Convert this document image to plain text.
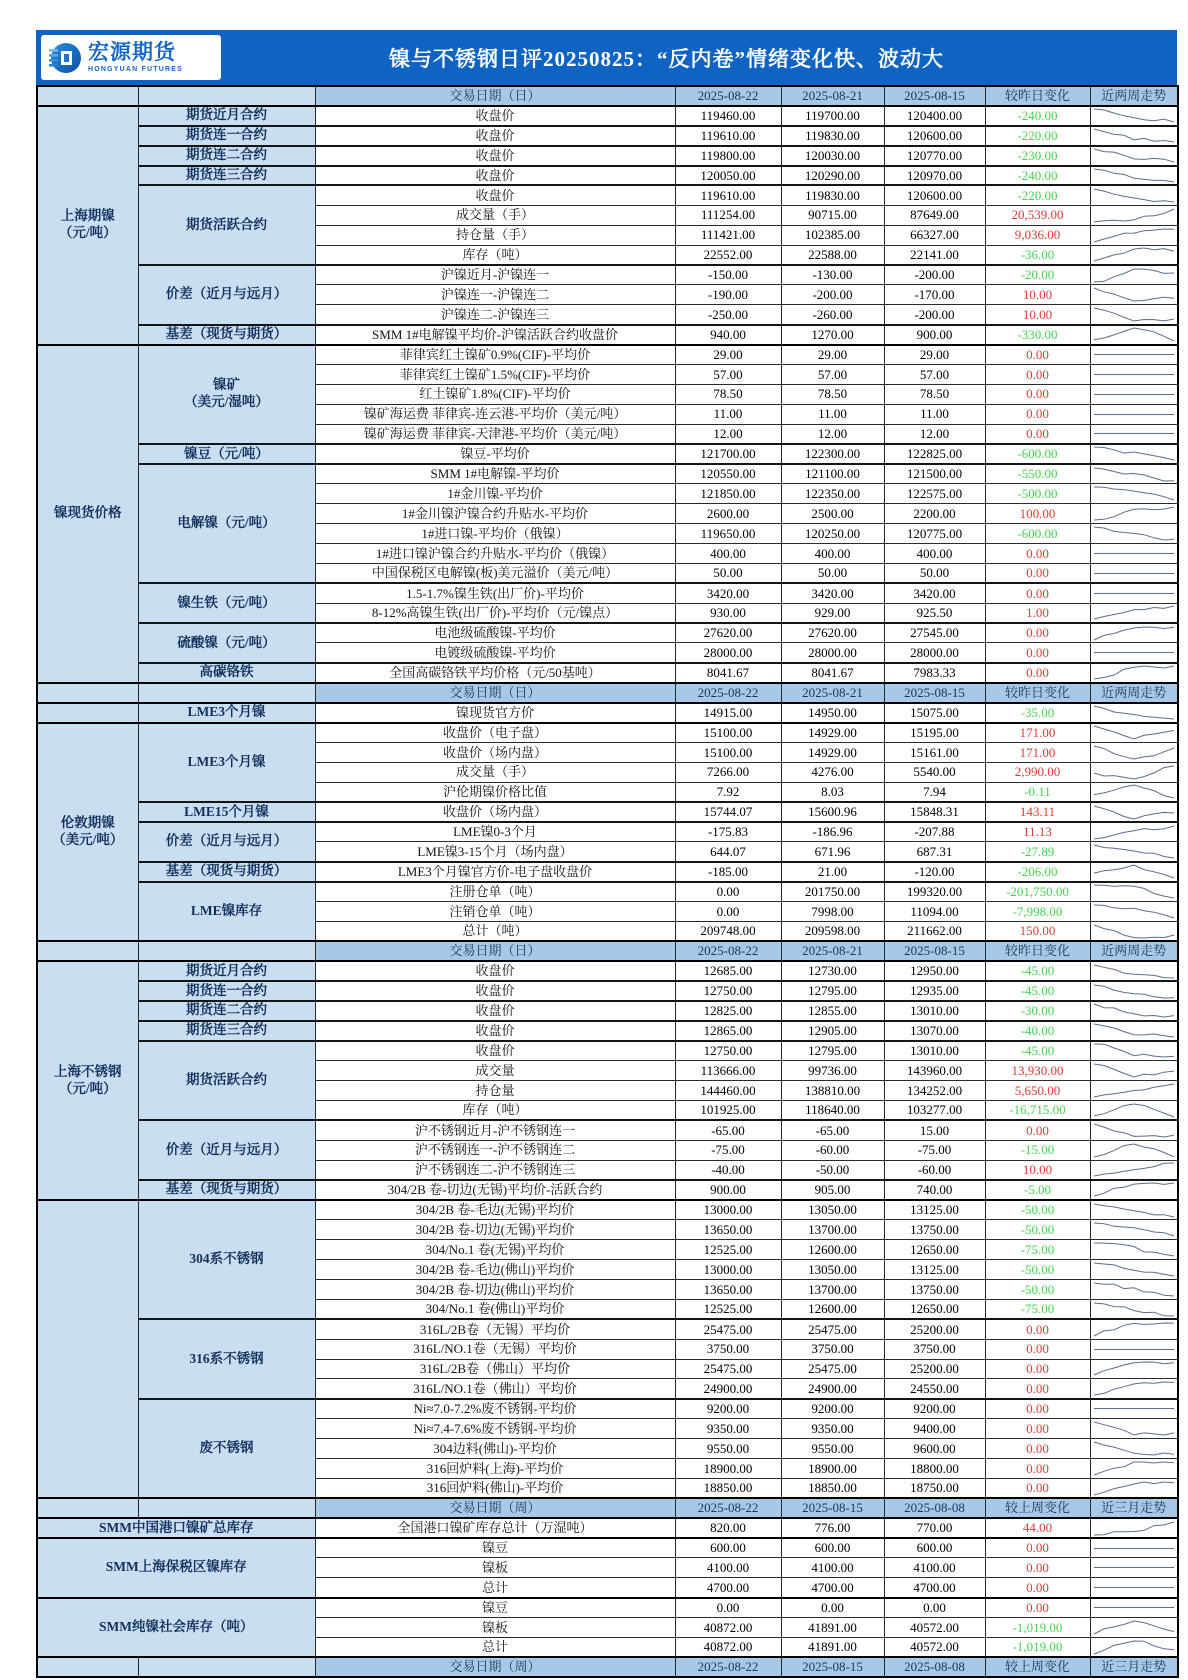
宏源期货
HONGYUAN FUTURES	镍与不锈钢日评20250825：“反内卷”情绪变化快、波动大
		交易日期（日）	2025-08-22	2025-08-21	2025-08-15	较昨日变化	近两周走势
上海期镍
（元/吨）	期货近月合约	收盘价	119460.00	119700.00	120400.00	-240.00	

	期货连一合约	收盘价	119610.00	119830.00	120600.00	-220.00	

	期货连二合约	收盘价	119800.00	120030.00	120770.00	-230.00	

	期货连三合约	收盘价	120050.00	120290.00	120970.00	-240.00	

	期货活跃合约	收盘价	119610.00	119830.00	120600.00	-220.00	

		成交量（手）	111254.00	90715.00	87649.00	20,539.00	

		持仓量（手）	111421.00	102385.00	66327.00	9,036.00	

		库存（吨）	22552.00	22588.00	22141.00	-36.00	

	价差（近月与远月）	沪镍近月-沪镍连一	-150.00	-130.00	-200.00	-20.00	

		沪镍连一-沪镍连二	-190.00	-200.00	-170.00	10.00	

		沪镍连二-沪镍连三	-250.00	-260.00	-200.00	10.00	

	基差（现货与期货）	SMM 1#电解镍平均价-沪镍活跃合约收盘价	940.00	1270.00	900.00	-330.00	

镍现货价格	镍矿
（美元/湿吨）	菲律宾红土镍矿0.9%(CIF)-平均价	29.00	29.00	29.00	0.00	

		菲律宾红土镍矿1.5%(CIF)-平均价	57.00	57.00	57.00	0.00	

		红土镍矿1.8%(CIF)-平均价	78.50	78.50	78.50	0.00	

		镍矿海运费 菲律宾-连云港-平均价（美元/吨）	11.00	11.00	11.00	0.00	

		镍矿海运费 菲律宾-天津港-平均价（美元/吨）	12.00	12.00	12.00	0.00	

	镍豆（元/吨）	镍豆-平均价	121700.00	122300.00	122825.00	-600.00	

	电解镍（元/吨）	SMM 1#电解镍-平均价	120550.00	121100.00	121500.00	-550.00	

		1#金川镍-平均价	121850.00	122350.00	122575.00	-500.00	

		1#金川镍沪镍合约升贴水-平均价	2600.00	2500.00	2200.00	100.00	

		1#进口镍-平均价（俄镍）	119650.00	120250.00	120775.00	-600.00	

		1#进口镍沪镍合约升贴水-平均价（俄镍）	400.00	400.00	400.00	0.00	

		中国保税区电解镍(板)美元溢价（美元/吨）	50.00	50.00	50.00	0.00	

	镍生铁（元/吨）	1.5-1.7%镍生铁(出厂价)-平均价	3420.00	3420.00	3420.00	0.00	

		8-12%高镍生铁(出厂价)-平均价（元/镍点）	930.00	929.00	925.50	1.00	

	硫酸镍（元/吨）	电池级硫酸镍-平均价	27620.00	27620.00	27545.00	0.00	

		电镀级硫酸镍-平均价	28000.00	28000.00	28000.00	0.00	

	高碳铬铁	全国高碳铬铁平均价格（元/50基吨）	8041.67	8041.67	7983.33	0.00	

		交易日期（日）	2025-08-22	2025-08-21	2025-08-15	较昨日变化	近两周走势
	LME3个月镍	镍现货官方价	14915.00	14950.00	15075.00	-35.00	

伦敦期镍
（美元/吨）	LME3个月镍	收盘价（电子盘）	15100.00	14929.00	15195.00	171.00	

		收盘价（场内盘）	15100.00	14929.00	15161.00	171.00	

		成交量（手）	7266.00	4276.00	5540.00	2,990.00	

		沪伦期镍价格比值	7.92	8.03	7.94	-0.11	

	LME15个月镍	收盘价（场内盘）	15744.07	15600.96	15848.31	143.11	

	价差（近月与远月）	LME镍0-3个月	-175.83	-186.96	-207.88	11.13	

		LME镍3-15个月（场内盘）	644.07	671.96	687.31	-27.89	

	基差（现货与期货）	LME3个月镍官方价-电子盘收盘价	-185.00	21.00	-120.00	-206.00	

	LME镍库存	注册仓单（吨）	0.00	201750.00	199320.00	-201,750.00	

		注销仓单（吨）	0.00	7998.00	11094.00	-7,998.00	

		总计（吨）	209748.00	209598.00	211662.00	150.00	

		交易日期（日）	2025-08-22	2025-08-21	2025-08-15	较昨日变化	近两周走势
上海不锈钢
（元/吨）	期货近月合约	收盘价	12685.00	12730.00	12950.00	-45.00	

	期货连一合约	收盘价	12750.00	12795.00	12935.00	-45.00	

	期货连二合约	收盘价	12825.00	12855.00	13010.00	-30.00	

	期货连三合约	收盘价	12865.00	12905.00	13070.00	-40.00	

	期货活跃合约	收盘价	12750.00	12795.00	13010.00	-45.00	

		成交量	113666.00	99736.00	143960.00	13,930.00	

		持仓量	144460.00	138810.00	134252.00	5,650.00	

		库存（吨）	101925.00	118640.00	103277.00	-16,715.00	

	价差（近月与远月）	沪不锈钢近月-沪不锈钢连一	-65.00	-65.00	15.00	0.00	

		沪不锈钢连一-沪不锈钢连二	-75.00	-60.00	-75.00	-15.00	

		沪不锈钢连二-沪不锈钢连三	-40.00	-50.00	-60.00	10.00	

	基差（现货与期货）	304/2B 卷-切边(无锡)平均价-活跃合约	900.00	905.00	740.00	-5.00	

	304系不锈钢	304/2B 卷-毛边(无锡)平均价	13000.00	13050.00	13125.00	-50.00	

		304/2B 卷-切边(无锡)平均价	13650.00	13700.00	13750.00	-50.00	

		304/No.1 卷(无锡)平均价	12525.00	12600.00	12650.00	-75.00	

		304/2B 卷-毛边(佛山)平均价	13000.00	13050.00	13125.00	-50.00	

		304/2B 卷-切边(佛山)平均价	13650.00	13700.00	13750.00	-50.00	

		304/No.1 卷(佛山)平均价	12525.00	12600.00	12650.00	-75.00	

	316系不锈钢	316L/2B卷（无锡）平均价	25475.00	25475.00	25200.00	0.00	

		316L/NO.1卷（无锡）平均价	3750.00	3750.00	3750.00	0.00	

		316L/2B卷（佛山）平均价	25475.00	25475.00	25200.00	0.00	

		316L/NO.1卷（佛山）平均价	24900.00	24900.00	24550.00	0.00	

	废不锈钢	Ni≈7.0-7.2%废不锈钢-平均价	9200.00	9200.00	9200.00	0.00	

		Ni≈7.4-7.6%废不锈钢-平均价	9350.00	9350.00	9400.00	0.00	

		304边料(佛山)-平均价	9550.00	9550.00	9600.00	0.00	

		316回炉料(上海)-平均价	18900.00	18900.00	18800.00	0.00	

		316回炉料(佛山)-平均价	18850.00	18850.00	18750.00	0.00	

		交易日期（周）	2025-08-22	2025-08-15	2025-08-08	较上周变化	近三月走势
SMM中国港口镍矿总库存		全国港口镍矿库存总计（万湿吨）	820.00	776.00	770.00	44.00	

SMM上海保税区镍库存		镍豆	600.00	600.00	600.00	0.00	

		镍板	4100.00	4100.00	4100.00	0.00	

		总计	4700.00	4700.00	4700.00	0.00	

SMM纯镍社会库存（吨）		镍豆	0.00	0.00	0.00	0.00	

		镍板	40872.00	41891.00	40572.00	-1,019.00	

		总计	40872.00	41891.00	40572.00	-1,019.00	

		交易日期（周）	2025-08-22	2025-08-15	2025-08-08	较上周变化	近三月走势
